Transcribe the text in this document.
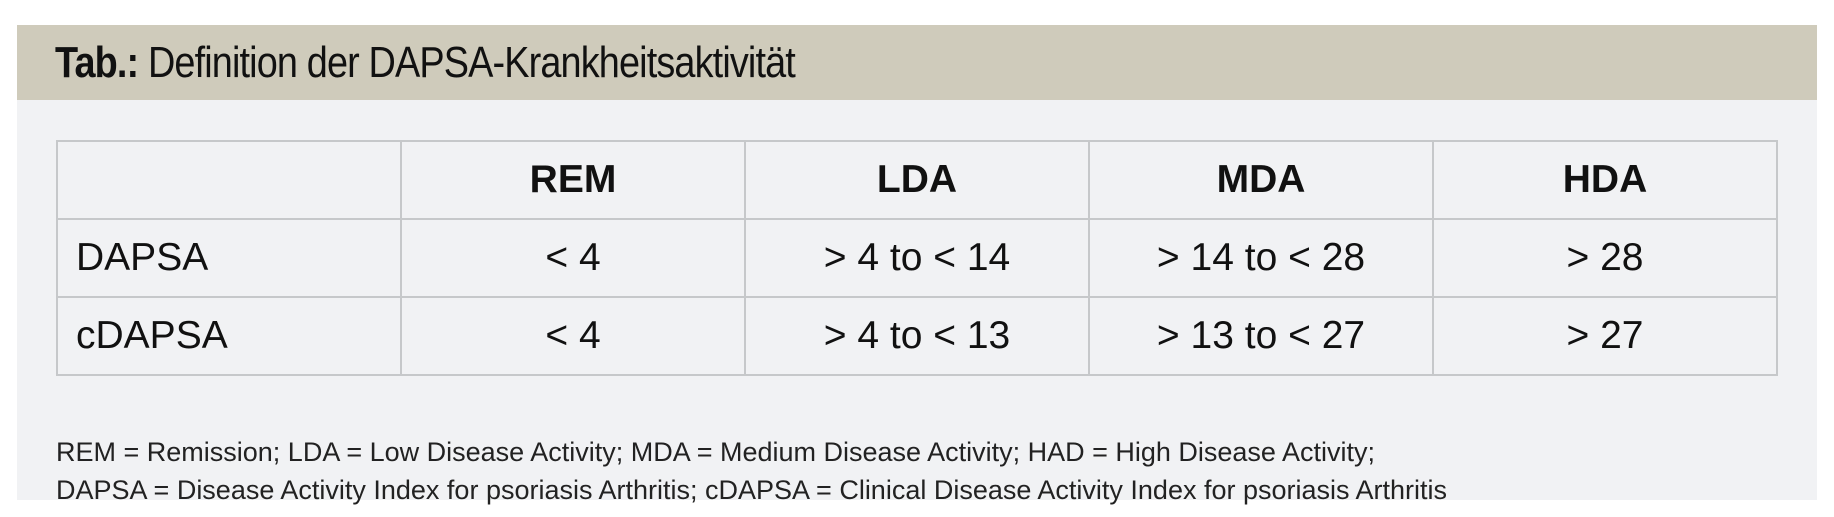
Tab.: Definition der DAPSA-Krankheitsaktivität
	REM	LDA	MDA	HDA
DAPSA	< 4	> 4 to < 14	> 14 to < 28	> 28
cDAPSA	< 4	> 4 to < 13	> 13 to < 27	> 27
REM = Remission; LDA = Low Disease Activity; MDA = Medium Disease Activity; HAD = High Disease Activity;
DAPSA = Disease Activity Index for psoriasis Arthritis; cDAPSA = Clinical Disease Activity Index for psoriasis Arthritis
